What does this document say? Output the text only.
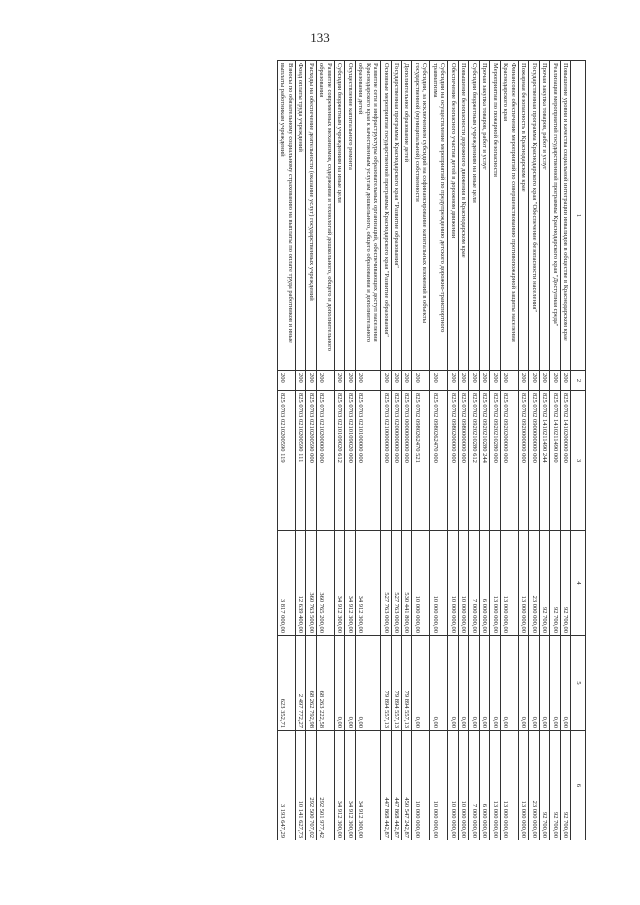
133
1	2	3	4	5	6
Повышение уровня и качества социальной интеграции инвалидов в обществе в Краснодарском крае	200	825 0702 1410200000 000	92 700,00	0,00	92 700,00
Реализация мероприятий государственной программы Краснодарского края "Доступная среда"	200	825 0702 1410211490 000	92 700,00	0,00	92 700,00
Прочая закупка товаров, работ и услуг	200	825 0702 1410211490 244	92 700,00	0,00	92 700,00
Государственная программа Краснодарского края "Обеспечение безопасности населения"	200	825 0702 0900000000 000	23 000 000,00	0,00	23 000 000,00
Пожарная безопасность в Краснодарском крае	200	825 0702 0920000000 000	13 000 000,00	0,00	13 000 000,00
Финансовое обеспечение мероприятий по совершенствованию противопожарной защиты населения Краснодарского края	200	825 0702 0920200000 000	13 000 000,00	0,00	13 000 000,00
Мероприятия по пожарной безопасности	200	825 0702 0920210280 000	13 000 000,00	0,00	13 000 000,00
Прочая закупка товаров, работ и услуг	200	825 0702 0920210280 244	6 000 000,00	0,00	6 000 000,00
Субсидии бюджетным учреждениям на иные цели	200	825 0702 0920210280 612	7 000 000,00	0,00	7 000 000,00
Повышение безопасности дорожного движения в Краснодарском крае	200	825 0702 0980000000 000	10 000 000,00	0,00	10 000 000,00
Обеспечение безопасного участия детей в дорожном движении	200	825 0702 0980200000 000	10 000 000,00	0,00	10 000 000,00
Субсидии на осуществление мероприятий по предупреждению детского дорожно-транспортного травматизма	200	825 0702 0980262470 000	10 000 000,00	0,00	10 000 000,00
Субсидии, за исключением субсидий на софинансирование капитальных вложений в объекты государственной (муниципальной) собственности	200	825 0702 0980262470 521	10 000 000,00	0,00	10 000 000,00
Дополнительное образование детей	200	825 0703 0000000000 000	530 441 800,00	79 894 557,13	450 547 242,87
Государственная программа Краснодарского края "Развитие образования"	200	825 0703 0200000000 000	527 763 000,00	79 894 557,13	447 868 442,87
Основные мероприятия государственной программы Краснодарского края "Развитие образования"	200	825 0703 0210000000 000	527 763 000,00	79 894 557,13	447 868 442,87
Развитие сети и инфраструктуры образовательных организаций, обеспечивающих доступ населения Краснодарского края к качественным услугам дошкольного, общего образования и дополнительного образования детей	200	825 0703 0210100000 000	34 912 300,00	0,00	34 912 300,00
Осуществление капитального ремонта	200	825 0703 0210109020 000	34 912 300,00	0,00	34 912 300,00
Субсидии бюджетным учреждениям на иные цели	200	825 0703 0210109020 612	34 912 300,00	0,00	34 912 300,00
Развитие современных механизмов, содержания и технологий дошкольного, общего и дополнительного образования	200	825 0703 0210200000 000	360 765 200,00	68 263 222,58	292 501 977,42
Расходы на обеспечение деятельности (оказание услуг) государственных учреждений	200	825 0703 0210200590 000	360 763 500,00	68 262 792,98	292 500 707,02
Фонд оплаты труда учреждений	200	825 0703 0210200590 111	12 639 400,00	2 497 772,27	10 141 627,73
Взносы по обязательному социальному страхованию на выплаты по оплате труда работников и иные выплаты работникам учреждений	200	825 0703 0210200590 119	3 817 000,00	623 352,71	3 193 647,29
